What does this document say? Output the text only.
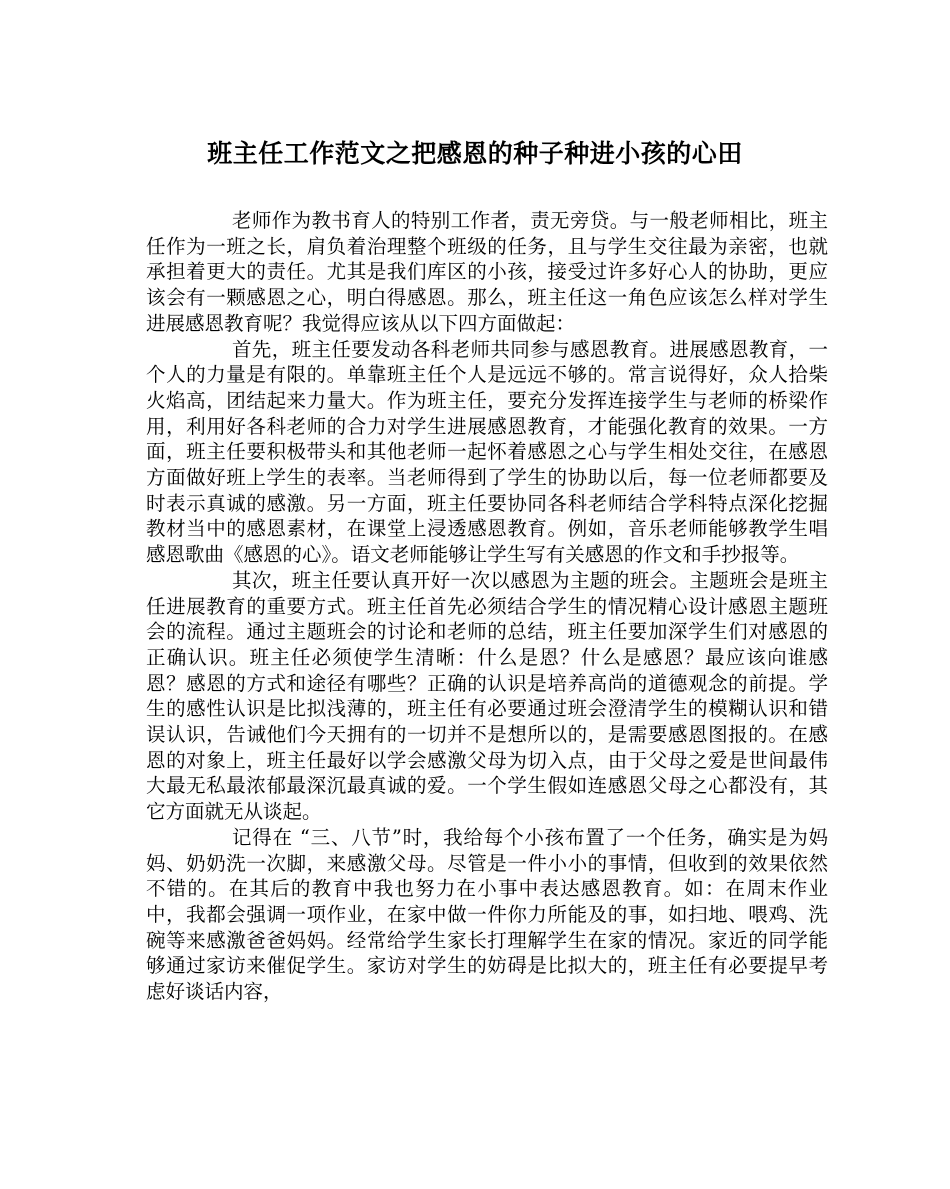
班主任工作范文之把感恩的种子种进小孩的心田

老师作为教书育人的特别工作者，责无旁贷。与一般老师相比，班主任作为一班之长，肩负着治理整个班级的任务，且与学生交往最为亲密，也就承担着更大的责任。尤其是我们库区的小孩，接受过许多好心人的协助，更应该会有一颗感恩之心，明白得感恩。那么，班主任这一角色应该怎么样对学生进展感恩教育呢？我觉得应该从以下四方面做起：

首先，班主任要发动各科老师共同参与感恩教育。进展感恩教育，一个人的力量是有限的。单靠班主任个人是远远不够的。常言说得好，众人拾柴火焰高，团结起来力量大。作为班主任，要充分发挥连接学生与老师的桥梁作用，利用好各科老师的合力对学生进展感恩教育，才能强化教育的效果。一方面，班主任要积极带头和其他老师一起怀着感恩之心与学生相处交往，在感恩方面做好班上学生的表率。当老师得到了学生的协助以后，每一位老师都要及时表示真诚的感激。另一方面，班主任要协同各科老师结合学科特点深化挖掘教材当中的感恩素材，在课堂上浸透感恩教育。例如，音乐老师能够教学生唱感恩歌曲《感恩的心》。语文老师能够让学生写有关感恩的作文和手抄报等。

其次，班主任要认真开好一次以感恩为主题的班会。主题班会是班主任进展教育的重要方式。班主任首先必须结合学生的情况精心设计感恩主题班会的流程。通过主题班会的讨论和老师的总结，班主任要加深学生们对感恩的正确认识。班主任必须使学生清晰：什么是恩？什么是感恩？最应该向谁感恩？感恩的方式和途径有哪些？正确的认识是培养高尚的道德观念的前提。学生的感性认识是比拟浅薄的，班主任有必要通过班会澄清学生的模糊认识和错误认识，告诫他们今天拥有的一切并不是想所以的，是需要感恩图报的。在感恩的对象上，班主任最好以学会感激父母为切入点，由于父母之爱是世间最伟大最无私最浓郁最深沉最真诚的爱。一个学生假如连感恩父母之心都没有，其它方面就无从谈起。

记得在 “三、八节”时，我给每个小孩布置了一个任务，确实是为妈妈、奶奶洗一次脚，来感激父母。尽管是一件小小的事情，但收到的效果依然不错的。在其后的教育中我也努力在小事中表达感恩教育。如：在周末作业中，我都会强调一项作业，在家中做一件你力所能及的事，如扫地、喂鸡、洗碗等来感激爸爸妈妈。经常给学生家长打理解学生在家的情况。家近的同学能够通过家访来催促学生。家访对学生的妨碍是比拟大的，班主任有必要提早考虑好谈话内容，
